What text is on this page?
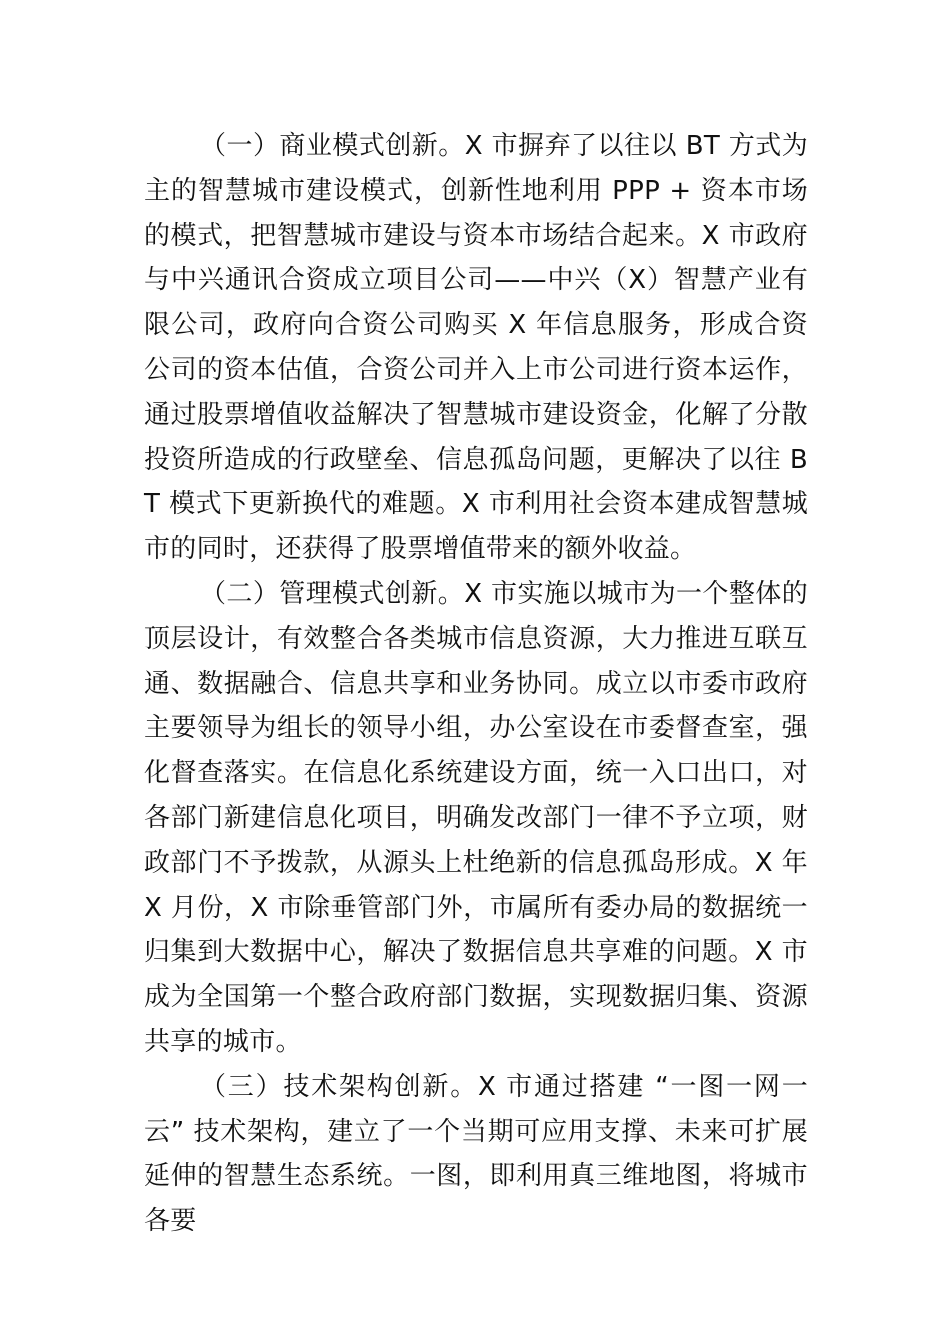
（一）商业模式创新。X 市摒弃了以往以 BT 方式为主的智慧城市建设模式，创新性地利用 PPP + 资本市场的模式，把智慧城市建设与资本市场结合起来。X 市政府与中兴通讯合资成立项目公司——中兴（X）智慧产业有限公司，政府向合资公司购买 X 年信息服务，形成合资公司的资本估值，合资公司并入上市公司进行资本运作，通过股票增值收益解决了智慧城市建设资金，化解了分散投资所造成的行政壁垒、信息孤岛问题，更解决了以往 BT 模式下更新换代的难题。X 市利用社会资本建成智慧城市的同时，还获得了股票增值带来的额外收益。

（二）管理模式创新。X 市实施以城市为一个整体的顶层设计，有效整合各类城市信息资源，大力推进互联互通、数据融合、信息共享和业务协同。成立以市委市政府主要领导为组长的领导小组，办公室设在市委督查室，强化督查落实。在信息化系统建设方面，统一入口出口，对各部门新建信息化项目，明确发改部门一律不予立项，财政部门不予拨款，从源头上杜绝新的信息孤岛形成。X 年 X 月份，X 市除垂管部门外，市属所有委办局的数据统一归集到大数据中心，解决了数据信息共享难的问题。X 市成为全国第一个整合政府部门数据，实现数据归集、资源共享的城市。

（三）技术架构创新。X 市通过搭建 “一图一网一云” 技术架构，建立了一个当期可应用支撑、未来可扩展延伸的智慧生态系统。一图，即利用真三维地图，将城市各要
